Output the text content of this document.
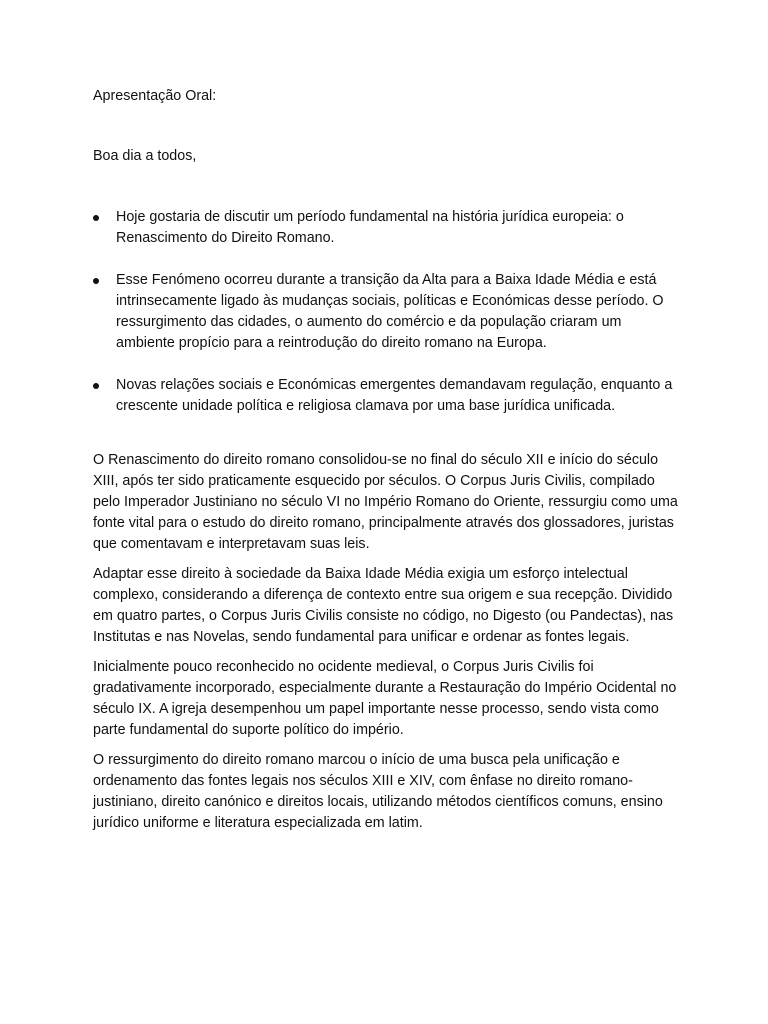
Apresentação Oral:

Boa dia a todos,

Hoje gostaria de discutir um período fundamental na história jurídica europeia: o Renascimento do Direito Romano.
Esse Fenómeno ocorreu durante a transição da Alta para a Baixa Idade Média e está intrinsecamente ligado às mudanças sociais, políticas e Económicas desse período. O ressurgimento das cidades, o aumento do comércio e da população criaram um ambiente propício para a reintrodução do direito romano na Europa.
Novas relações sociais e Económicas emergentes demandavam regulação, enquanto a crescente unidade política e religiosa clamava por uma base jurídica unificada.

O Renascimento do direito romano consolidou-se no final do século XII e início do século XIII, após ter sido praticamente esquecido por séculos. O Corpus Juris Civilis, compilado pelo Imperador Justiniano no século VI no Império Romano do Oriente, ressurgiu como uma fonte vital para o estudo do direito romano, principalmente através dos glossadores, juristas que comentavam e interpretavam suas leis.

Adaptar esse direito à sociedade da Baixa Idade Média exigia um esforço intelectual complexo, considerando a diferença de contexto entre sua origem e sua recepção. Dividido em quatro partes, o Corpus Juris Civilis consiste no código, no Digesto (ou Pandectas), nas Institutas e nas Novelas, sendo fundamental para unificar e ordenar as fontes legais.

Inicialmente pouco reconhecido no ocidente medieval, o Corpus Juris Civilis foi gradativamente incorporado, especialmente durante a Restauração do Império Ocidental no século IX. A igreja desempenhou um papel importante nesse processo, sendo vista como parte fundamental do suporte político do império.

O ressurgimento do direito romano marcou o início de uma busca pela unificação e ordenamento das fontes legais nos séculos XIII e XIV, com ênfase no direito romano-justiniano, direito canónico e direitos locais, utilizando métodos científicos comuns, ensino jurídico uniforme e literatura especializada em latim.
